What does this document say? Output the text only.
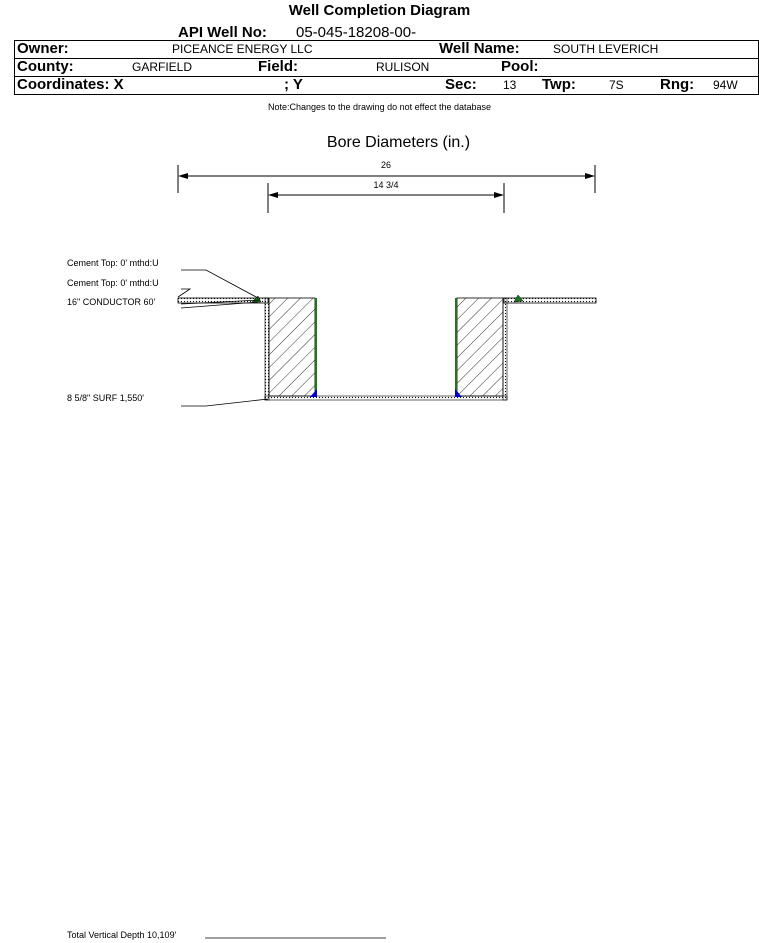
Well Completion Diagram
API Well No: 05-045-18208-00-
Owner:	PICEANCE ENERGY LLC	Well Name:	SOUTH LEVERICH
County:	GARFIELD	Field:	RULISON	Pool:
Coordinates: X	; Y	Sec: 13 Twp:	7S Rng: 94W
Note:Changes to the drawing do not effect the database
Bore Diameters (in.)
26
14 3/4
Cement Top: 0' mthd:U
Cement Top: 0' mthd:U
16" CONDUCTOR 60'
8 5/8" SURF 1,550'
Total Vertical Depth 10,109'
